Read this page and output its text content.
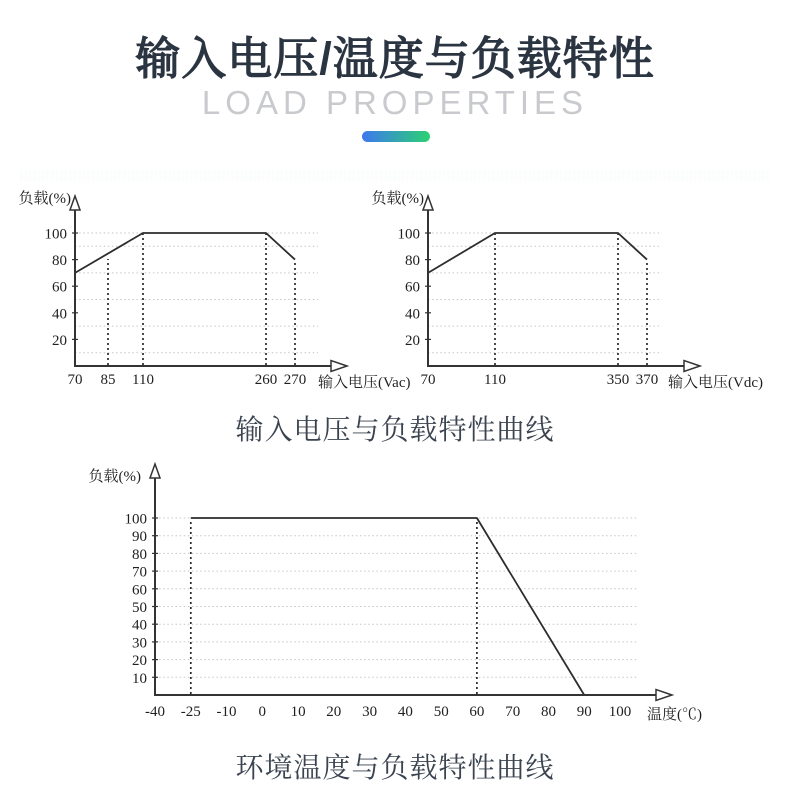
输入电压/温度与负载特性
LOAD PROPERTIES
20
40
60
80
100
70 85 110	260 270
负载(%)
输入电压(Vac)
20
40
60
80
100
70	110	350 370
负载(%)
输入电压(Vdc)
10
20
30
40
50
60
70
80
90
100
-40 -25 -10 0 10 20 30 40 50 60 70 80 90 100
负载(%)
温度(℃)
输入电压与负载特性曲线
环境温度与负载特性曲线
